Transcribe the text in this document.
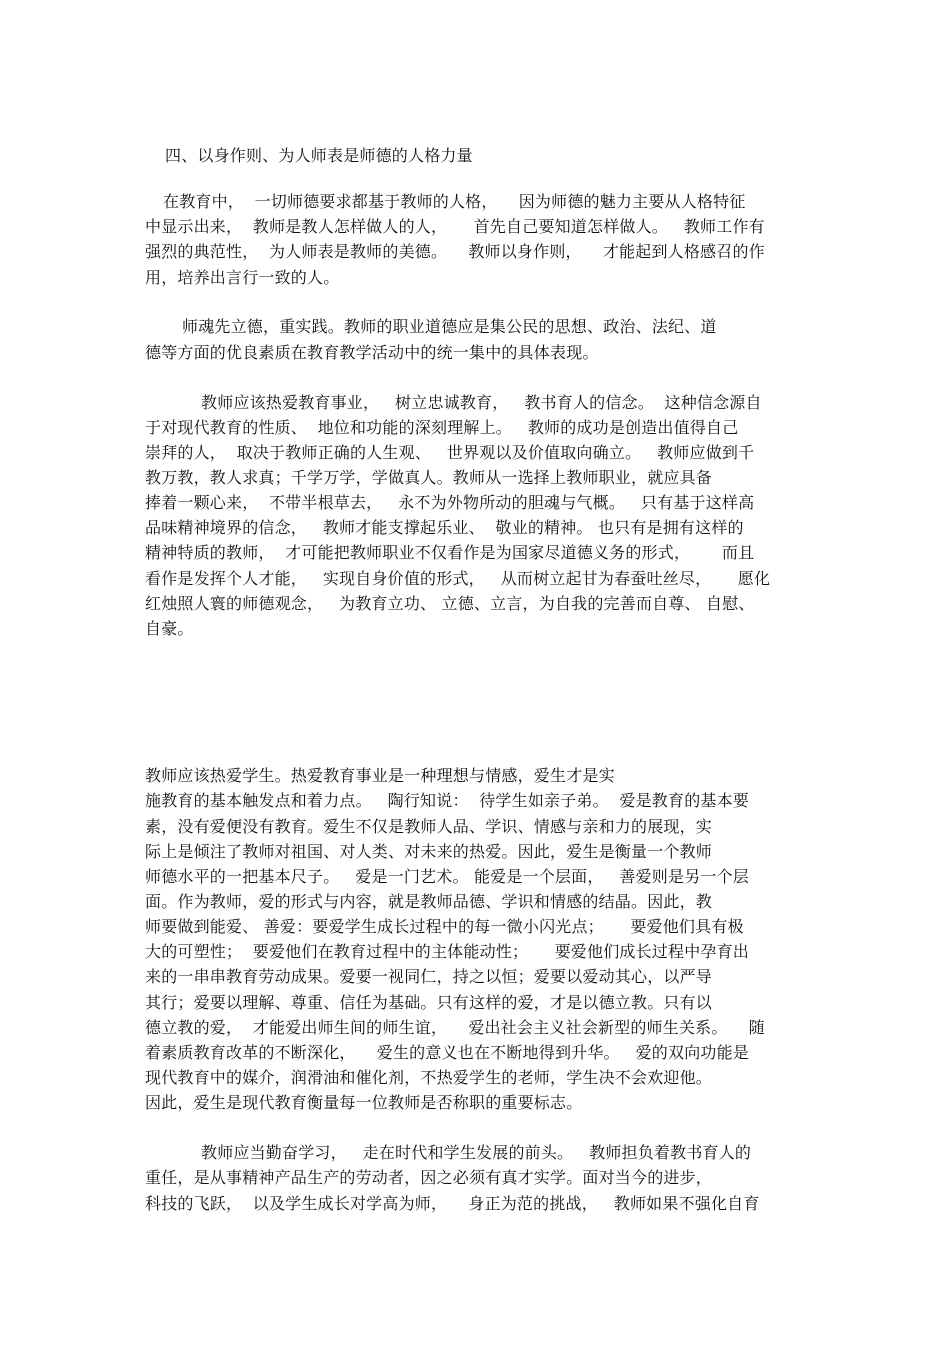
四、以身作则、为人师表是师德的人格力量
在教育中，  一切师德要求都基于教师的人格，    因为师德的魅力主要从人格特征
中显示出来，  教师是教人怎样做人的人，     首先自己要知道怎样做人。   教师工作有
强烈的典范性，  为人师表是教师的美德。    教师以身作则，    才能起到人格感召的作
用，培养出言行一致的人。
师魂先立德，重实践。教师的职业道德应是集公民的思想、政治、法纪、道
德等方面的优良素质在教育教学活动中的统一集中的具体表现。
教师应该热爱教育事业，   树立忠诚教育，   教书育人的信念。  这种信念源自
于对现代教育的性质、  地位和功能的深刻理解上。   教师的成功是创造出值得自己
崇拜的人，  取决于教师正确的人生观、   世界观以及价值取向确立。   教师应做到千
教万教，教人求真；千学万学，学做真人。教师从一选择上教师职业，就应具备
捧着一颗心来，  不带半根草去，   永不为外物所动的胆魂与气概。   只有基于这样高
品味精神境界的信念，   教师才能支撑起乐业、  敬业的精神。 也只有是拥有这样的
精神特质的教师，  才可能把教师职业不仅看作是为国家尽道德义务的形式，      而且
看作是发挥个人才能，   实现自身价值的形式，   从而树立起甘为春蚕吐丝尽，     愿化
红烛照人寰的师德观念，   为教育立功、 立德、立言，为自我的完善而自尊、 自慰、
自豪。
教师应该热爱学生。热爱教育事业是一种理想与情感，爱生才是实
施教育的基本触发点和着力点。   陶行知说：  待学生如亲子弟。  爱是教育的基本要
素，没有爱便没有教育。爱生不仅是教师人品、学识、情感与亲和力的展现，实
际上是倾注了教师对祖国、对人类、对未来的热爱。因此，爱生是衡量一个教师
师德水平的一把基本尺子。   爱是一门艺术。 能爱是一个层面，   善爱则是另一个层
面。作为教师，爱的形式与内容，就是教师品德、学识和情感的结晶。因此，教
师要做到能爱、 善爱：要爱学生成长过程中的每一微小闪光点；     要爱他们具有极
大的可塑性；  要爱他们在教育过程中的主体能动性；     要爱他们成长过程中孕育出
来的一串串教育劳动成果。爱要一视同仁，持之以恒；爱要以爱动其心，以严导
其行；爱要以理解、尊重、信任为基础。只有这样的爱，才是以德立教。只有以
德立教的爱，  才能爱出师生间的师生谊，    爱出社会主义社会新型的师生关系。    随
着素质教育改革的不断深化，    爱生的意义也在不断地得到升华。   爱的双向功能是
现代教育中的媒介，润滑油和催化剂，不热爱学生的老师，学生决不会欢迎他。
因此，爱生是现代教育衡量每一位教师是否称职的重要标志。
教师应当勤奋学习，   走在时代和学生发展的前头。   教师担负着教书育人的
重任，是从事精神产品生产的劳动者，因之必须有真才实学。面对当今的进步，
科技的飞跃，  以及学生成长对学高为师，    身正为范的挑战，   教师如果不强化自育
